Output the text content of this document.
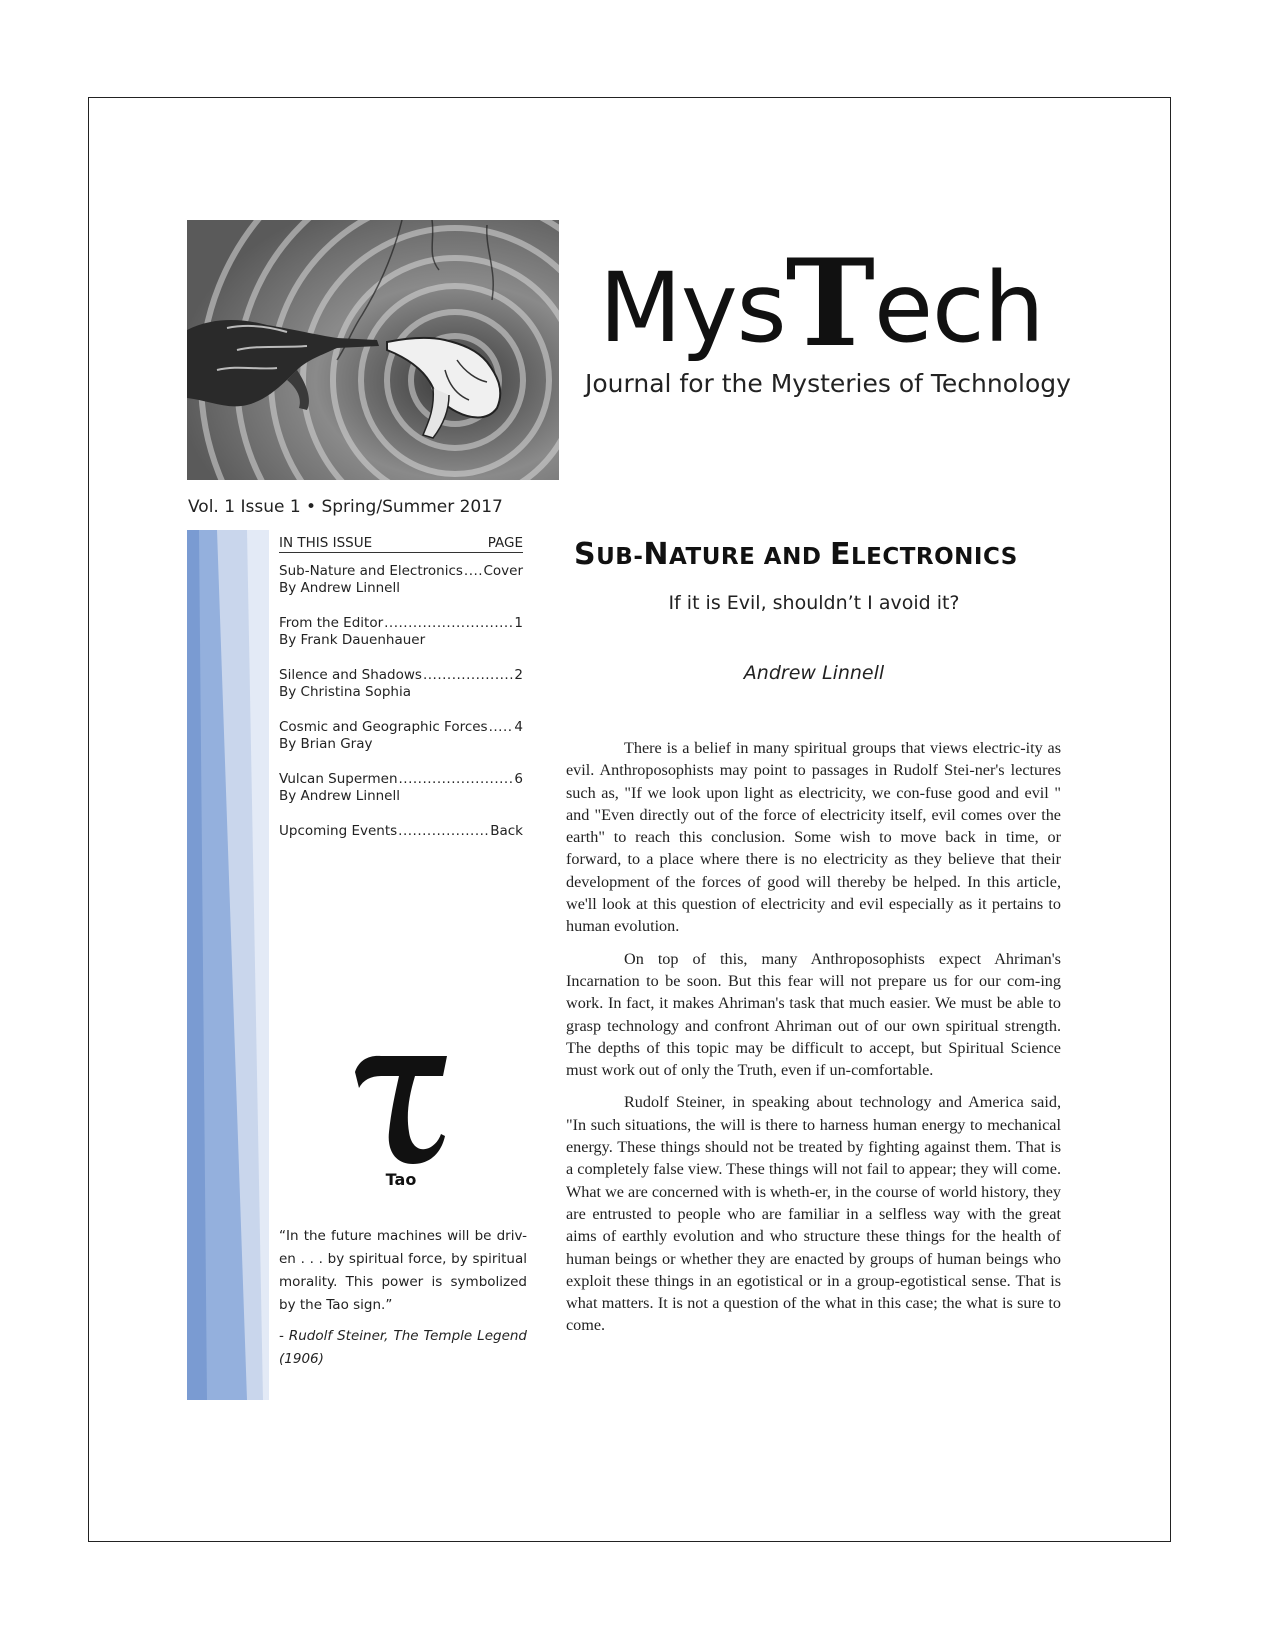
MysTech
Journal for the Mysteries of Technology
Vol. 1 Issue 1 • Spring/Summer 2017
IN THIS ISSUE	PAGE
Sub-Nature and Electronics ..... Cover
By Andrew Linnell
From the Editor .....	1
By Frank Dauenhauer
Silence and Shadows .....	2
By Christina Sophia
Cosmic and Geographic Forces ..... 4
By Brian Gray
Vulcan Supermen .....	6
By Andrew Linnell
Upcoming Events .....	Back
Tao
“In the future machines will be driv-en . . . by spiritual force, by spiritual morality. This power is symbolized by the Tao sign.”
- Rudolf Steiner, The Temple Legend (1906)
SUB-NATURE AND ELECTRONICS
If it is Evil, shouldn’t I avoid it?
Andrew Linnell

There is a belief in many spiritual groups that views electric-ity as evil. Anthroposophists may point to passages in Rudolf Stei-ner's lectures such as, "If we look upon light as electricity, we con-fuse good and evil " and "Even directly out of the force of electricity itself, evil comes over the earth" to reach this conclusion. Some wish to move back in time, or forward, to a place where there is no electricity as they believe that their development of the forces of good will thereby be helped. In this article, we'll look at this question of electricity and evil especially as it pertains to human evolution.

On top of this, many Anthroposophists expect Ahriman's Incarnation to be soon. But this fear will not prepare us for our com-ing work. In fact, it makes Ahriman's task that much easier. We must be able to grasp technology and confront Ahriman out of our own spiritual strength. The depths of this topic may be difficult to accept, but Spiritual Science must work out of only the Truth, even if un-comfortable.

Rudolf Steiner, in speaking about technology and America said, "In such situations, the will is there to harness human energy to mechanical energy. These things should not be treated by fighting against them. That is a completely false view. These things will not fail to appear; they will come. What we are concerned with is wheth-er, in the course of world history, they are entrusted to people who are familiar in a selfless way with the great aims of earthly evolution and who structure these things for the health of human beings or whether they are enacted by groups of human beings who exploit these things in an egotistical or in a group-egotistical sense. That is what matters. It is not a question of the what in this case; the what is sure to come.
